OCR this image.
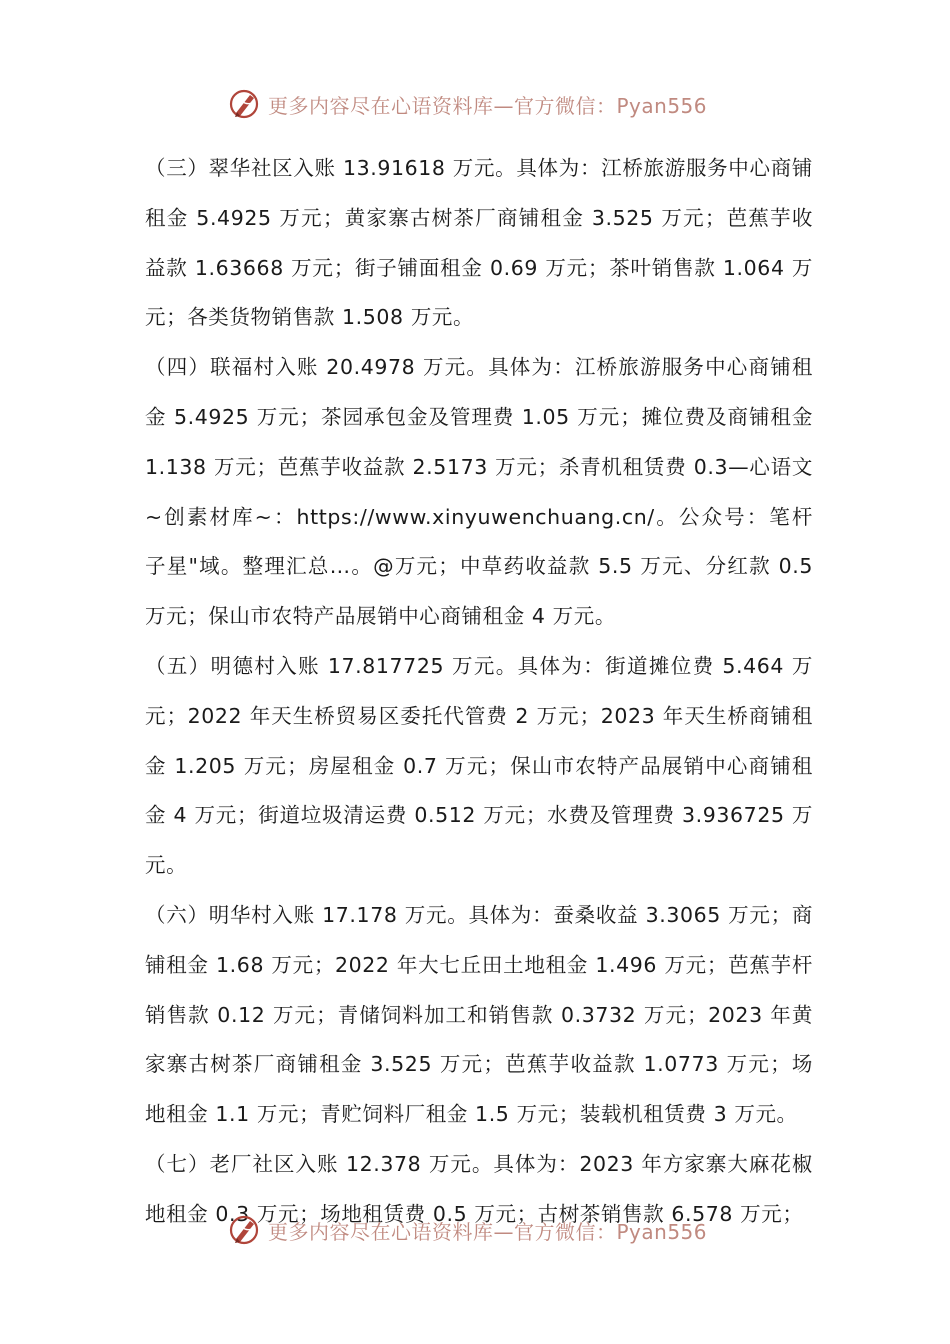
更多内容尽在心语资料库—官方微信：Pyan556

（三）翠华社区入账 13.91618 万元。具体为：江桥旅游服务中心商铺租金 5.4925 万元；黄家寨古树茶厂商铺租金 3.525 万元；芭蕉芋收益款 1.63668 万元；街子铺面租金 0.69 万元；茶叶销售款 1.064 万元；各类货物销售款 1.508 万元。

（四）联福村入账 20.4978 万元。具体为：江桥旅游服务中心商铺租金 5.4925 万元；茶园承包金及管理费 1.05 万元；摊位费及商铺租金 1.138 万元；芭蕉芋收益款 2.5173 万元；杀青机租赁费 0.3—心语文~创素材库~：https://www.xinyuwenchuang.cn/。公众号：笔杆子星"域。整理汇总…。@万元；中草药收益款 5.5 万元、分红款 0.5 万元；保山市农特产品展销中心商铺租金 4 万元。

（五）明德村入账 17.817725 万元。具体为：街道摊位费 5.464 万元；2022 年天生桥贸易区委托代管费 2 万元；2023 年天生桥商铺租金 1.205 万元；房屋租金 0.7 万元；保山市农特产品展销中心商铺租金 4 万元；街道垃圾清运费 0.512 万元；水费及管理费 3.936725 万元。

（六）明华村入账 17.178 万元。具体为：蚕桑收益 3.3065 万元；商铺租金 1.68 万元；2022 年大七丘田土地租金 1.496 万元；芭蕉芋杆销售款 0.12 万元；青储饲料加工和销售款 0.3732 万元；2023 年黄家寨古树茶厂商铺租金 3.525 万元；芭蕉芋收益款 1.0773 万元；场地租金 1.1 万元；青贮饲料厂租金 1.5 万元；装载机租赁费 3 万元。

（七）老厂社区入账 12.378 万元。具体为：2023 年方家寨大麻花椒地租金 0.3 万元；场地租赁费 0.5 万元；古树茶销售款 6.578 万元；

更多内容尽在心语资料库—官方微信：Pyan556
